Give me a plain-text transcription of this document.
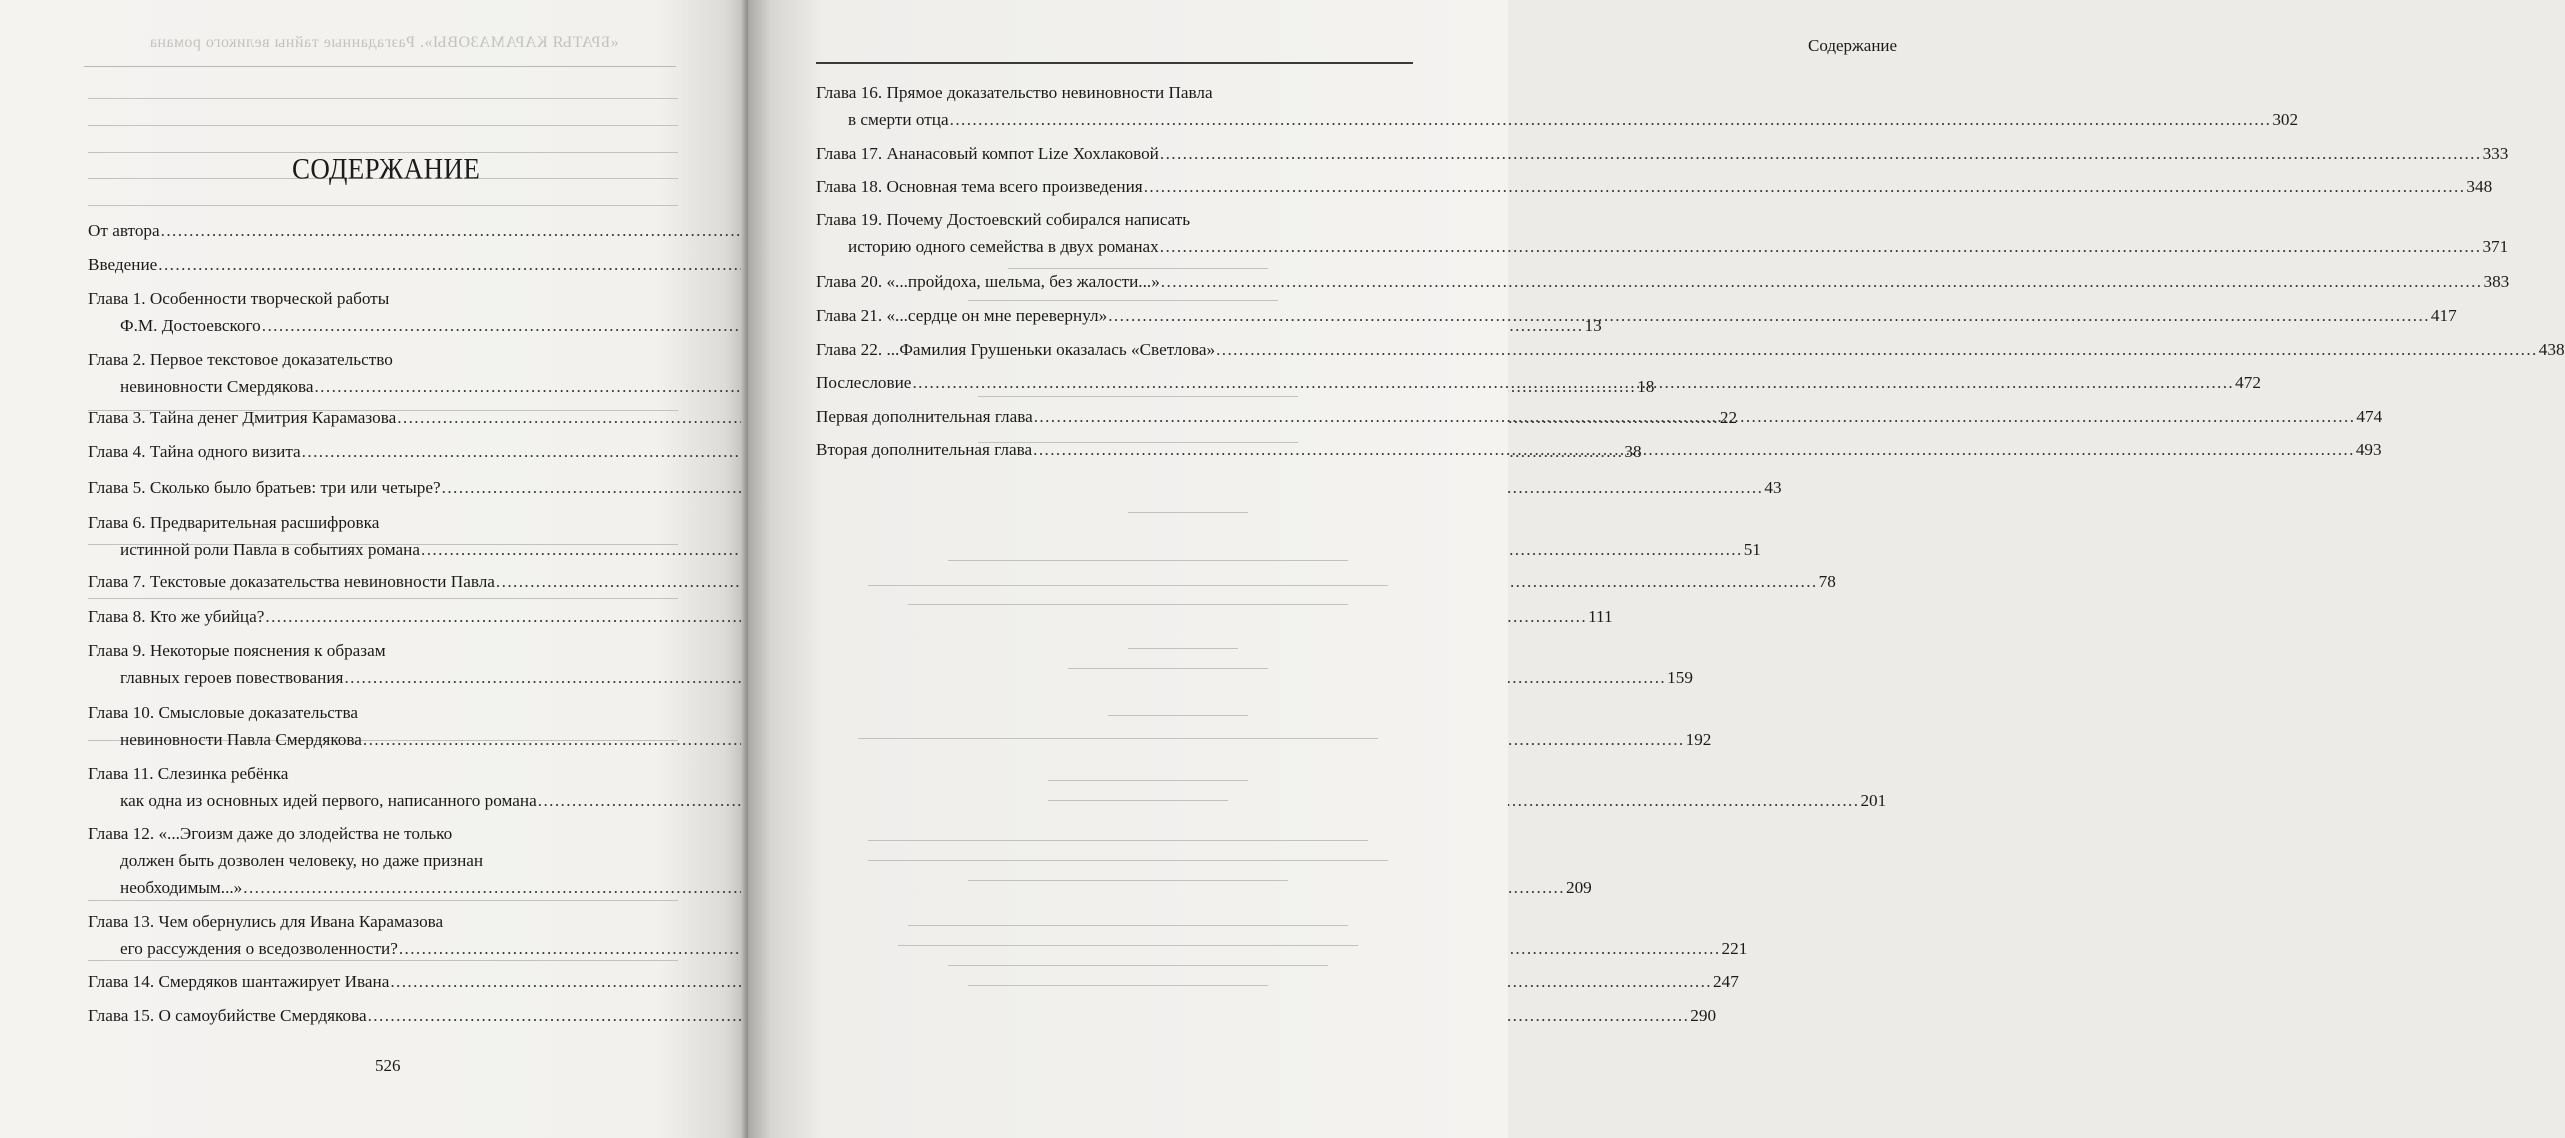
«БРАТЬЯ КАРАМАЗОВЫ». Разгаданные тайны великого романа
СОДЕРЖАНИЕ
От автора
.....
Введение
.....
Глава 1. Особенности творческой работы
Ф.М. Достоевского .....	13
Глава 2. Первое текстовое доказательство
невиновности Смердякова .....	18
Глава 3. Тайна денег Дмитрия Карамазова .....	22
Глава 4. Тайна одного визита .....	38
Глава 5. Сколько было братьев: три или четыре? .....	43
Глава 6. Предварительная расшифровка
истинной роли Павла в событиях романа .....	51
Глава 7. Текстовые доказательства невиновности Павла .....	78
Глава 8. Кто же убийца? .....	111
Глава 9. Некоторые пояснения к образам
главных героев повествования .....	159
Глава 10. Смысловые доказательства
невиновности Павла Смердякова .....	192
Глава 11. Слезинка ребёнка
как одна из основных идей первого, написанного романа .....	201
Глава 12. «...Эгоизм даже до злодейства не только
должен быть дозволен человеку, но даже признан
необходимым...» .....	209
Глава 13. Чем обернулись для Ивана Карамазова
его рассуждения о вседозволенности? .....	221
Глава 14. Смердяков шантажирует Ивана .....	247
Глава 15. О самоубийстве Смердякова .....	290
526
Содержание
Глава 16. Прямое доказательство невиновности Павла
в смерти отца .....	302
Глава 17. Ананасовый компот Lize Хохлаковой .....	333
Глава 18. Основная тема всего произведения .....	348
Глава 19. Почему Достоевский собирался написать
историю одного семейства в двух романах .....	371
Глава 20. «...пройдоха, шельма, без жалости...» .....	383
Глава 21. «...сердце он мне перевернул» .....	417
Глава 22. ...Фамилия Грушеньки оказалась «Светлова» .....	438
Послесловие .....	472
Первая дополнительная глава .....	474
Вторая дополнительная глава .....	493
